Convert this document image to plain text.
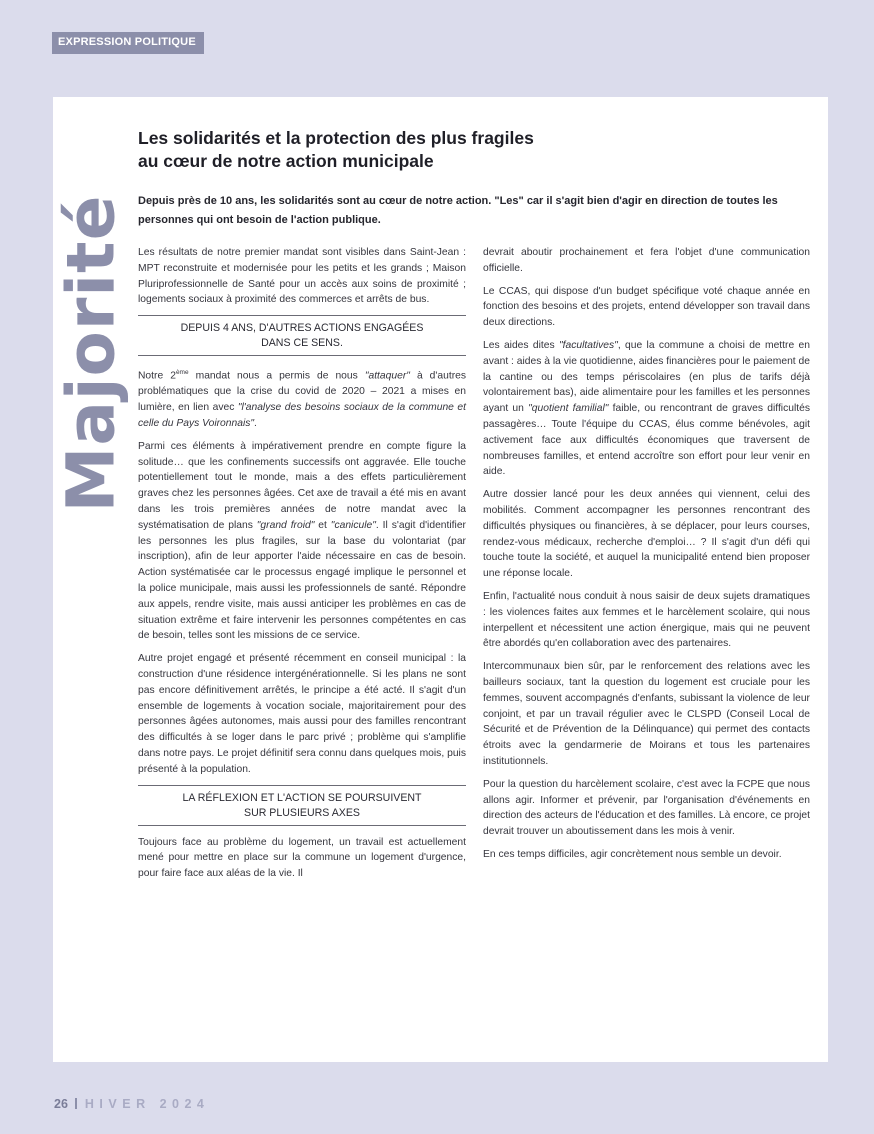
EXPRESSION POLITIQUE
Majorité
Les solidarités et la protection des plus fragiles
au cœur de notre action municipale

Depuis près de 10 ans, les solidarités sont au cœur de notre action. "Les" car il s'agit bien d'agir en direction de toutes les personnes qui ont besoin de l'action publique.

Les résultats de notre premier mandat sont visibles dans Saint-Jean : MPT reconstruite et modernisée pour les petits et les grands ; Maison Pluriprofessionnelle de Santé pour un accès aux soins de proximité ; logements sociaux à proximité des commerces et arrêts de bus.

DEPUIS 4 ANS, D'AUTRES ACTIONS ENGAGÉES
DANS CE SENS.

Notre 2ème mandat nous a permis de nous "attaquer" à d'autres problématiques que la crise du covid de 2020 – 2021 a mises en lumière, en lien avec "l'analyse des besoins sociaux de la commune et celle du Pays Voironnais".

Parmi ces éléments à impérativement prendre en compte figure la solitude… que les confinements successifs ont aggravée. Elle touche potentiellement tout le monde, mais a des effets particulièrement graves chez les personnes âgées. Cet axe de travail a été mis en avant dans les trois premières années de notre mandat avec la systématisation de plans "grand froid" et "canicule". Il s'agit d'identifier les personnes les plus fragiles, sur la base du volontariat (par inscription), afin de leur apporter l'aide nécessaire en cas de besoin. Action systématisée car le processus engagé implique le personnel et la police municipale, mais aussi les professionnels de santé. Répondre aux appels, rendre visite, mais aussi anticiper les problèmes en cas de situation extrême et faire intervenir les personnes compétentes en cas de besoin, telles sont les missions de ce service.

Autre projet engagé et présenté récemment en conseil municipal : la construction d'une résidence intergénérationnelle. Si les plans ne sont pas encore définitivement arrêtés, le principe a été acté. Il s'agit d'un ensemble de logements à vocation sociale, majoritairement pour des personnes âgées autonomes, mais aussi pour des familles rencontrant des difficultés à se loger dans le parc privé ; problème qui s'amplifie dans notre pays. Le projet définitif sera connu dans quelques mois, puis présenté à la population.

LA RÉFLEXION ET L'ACTION SE POURSUIVENT
SUR PLUSIEURS AXES

Toujours face au problème du logement, un travail est actuellement mené pour mettre en place sur la commune un logement d'urgence, pour faire face aux aléas de la vie. Il

devrait aboutir prochainement et fera l'objet d'une communication officielle.

Le CCAS, qui dispose d'un budget spécifique voté chaque année en fonction des besoins et des projets, entend développer son travail dans deux directions.

Les aides dites "facultatives", que la commune a choisi de mettre en avant : aides à la vie quotidienne, aides financières pour le paiement de la cantine ou des temps périscolaires (en plus de tarifs déjà volontairement bas), aide alimentaire pour les familles et les personnes ayant un "quotient familial" faible, ou rencontrant de graves difficultés passagères… Toute l'équipe du CCAS, élus comme bénévoles, agit activement face aux difficultés économiques que traversent de nombreuses familles, et entend accroître son effort pour leur venir en aide.

Autre dossier lancé pour les deux années qui viennent, celui des mobilités. Comment accompagner les personnes rencontrant des difficultés physiques ou financières, à se déplacer, pour leurs courses, rendez-vous médicaux, recherche d'emploi… ? Il s'agit d'un défi qui touche toute la société, et auquel la municipalité entend bien proposer une réponse locale.

Enfin, l'actualité nous conduit à nous saisir de deux sujets dramatiques : les violences faites aux femmes et le harcèlement scolaire, qui nous interpellent et nécessitent une action énergique, mais qui ne peuvent être abordés qu'en collaboration avec des partenaires.

Intercommunaux bien sûr, par le renforcement des relations avec les bailleurs sociaux, tant la question du logement est cruciale pour les femmes, souvent accompagnés d'enfants, subissant la violence de leur conjoint, et par un travail régulier avec le CLSPD (Conseil Local de Sécurité et de Prévention de la Délinquance) qui permet des contacts étroits avec la gendarmerie de Moirans et tous les partenaires institutionnels.

Pour la question du harcèlement scolaire, c'est avec la FCPE que nous allons agir. Informer et prévenir, par l'organisation d'événements en direction des acteurs de l'éducation et des familles. Là encore, ce projet devrait trouver un aboutissement dans les mois à venir.

En ces temps difficiles, agir concrètement nous semble un devoir.

26 HIVER 2024
